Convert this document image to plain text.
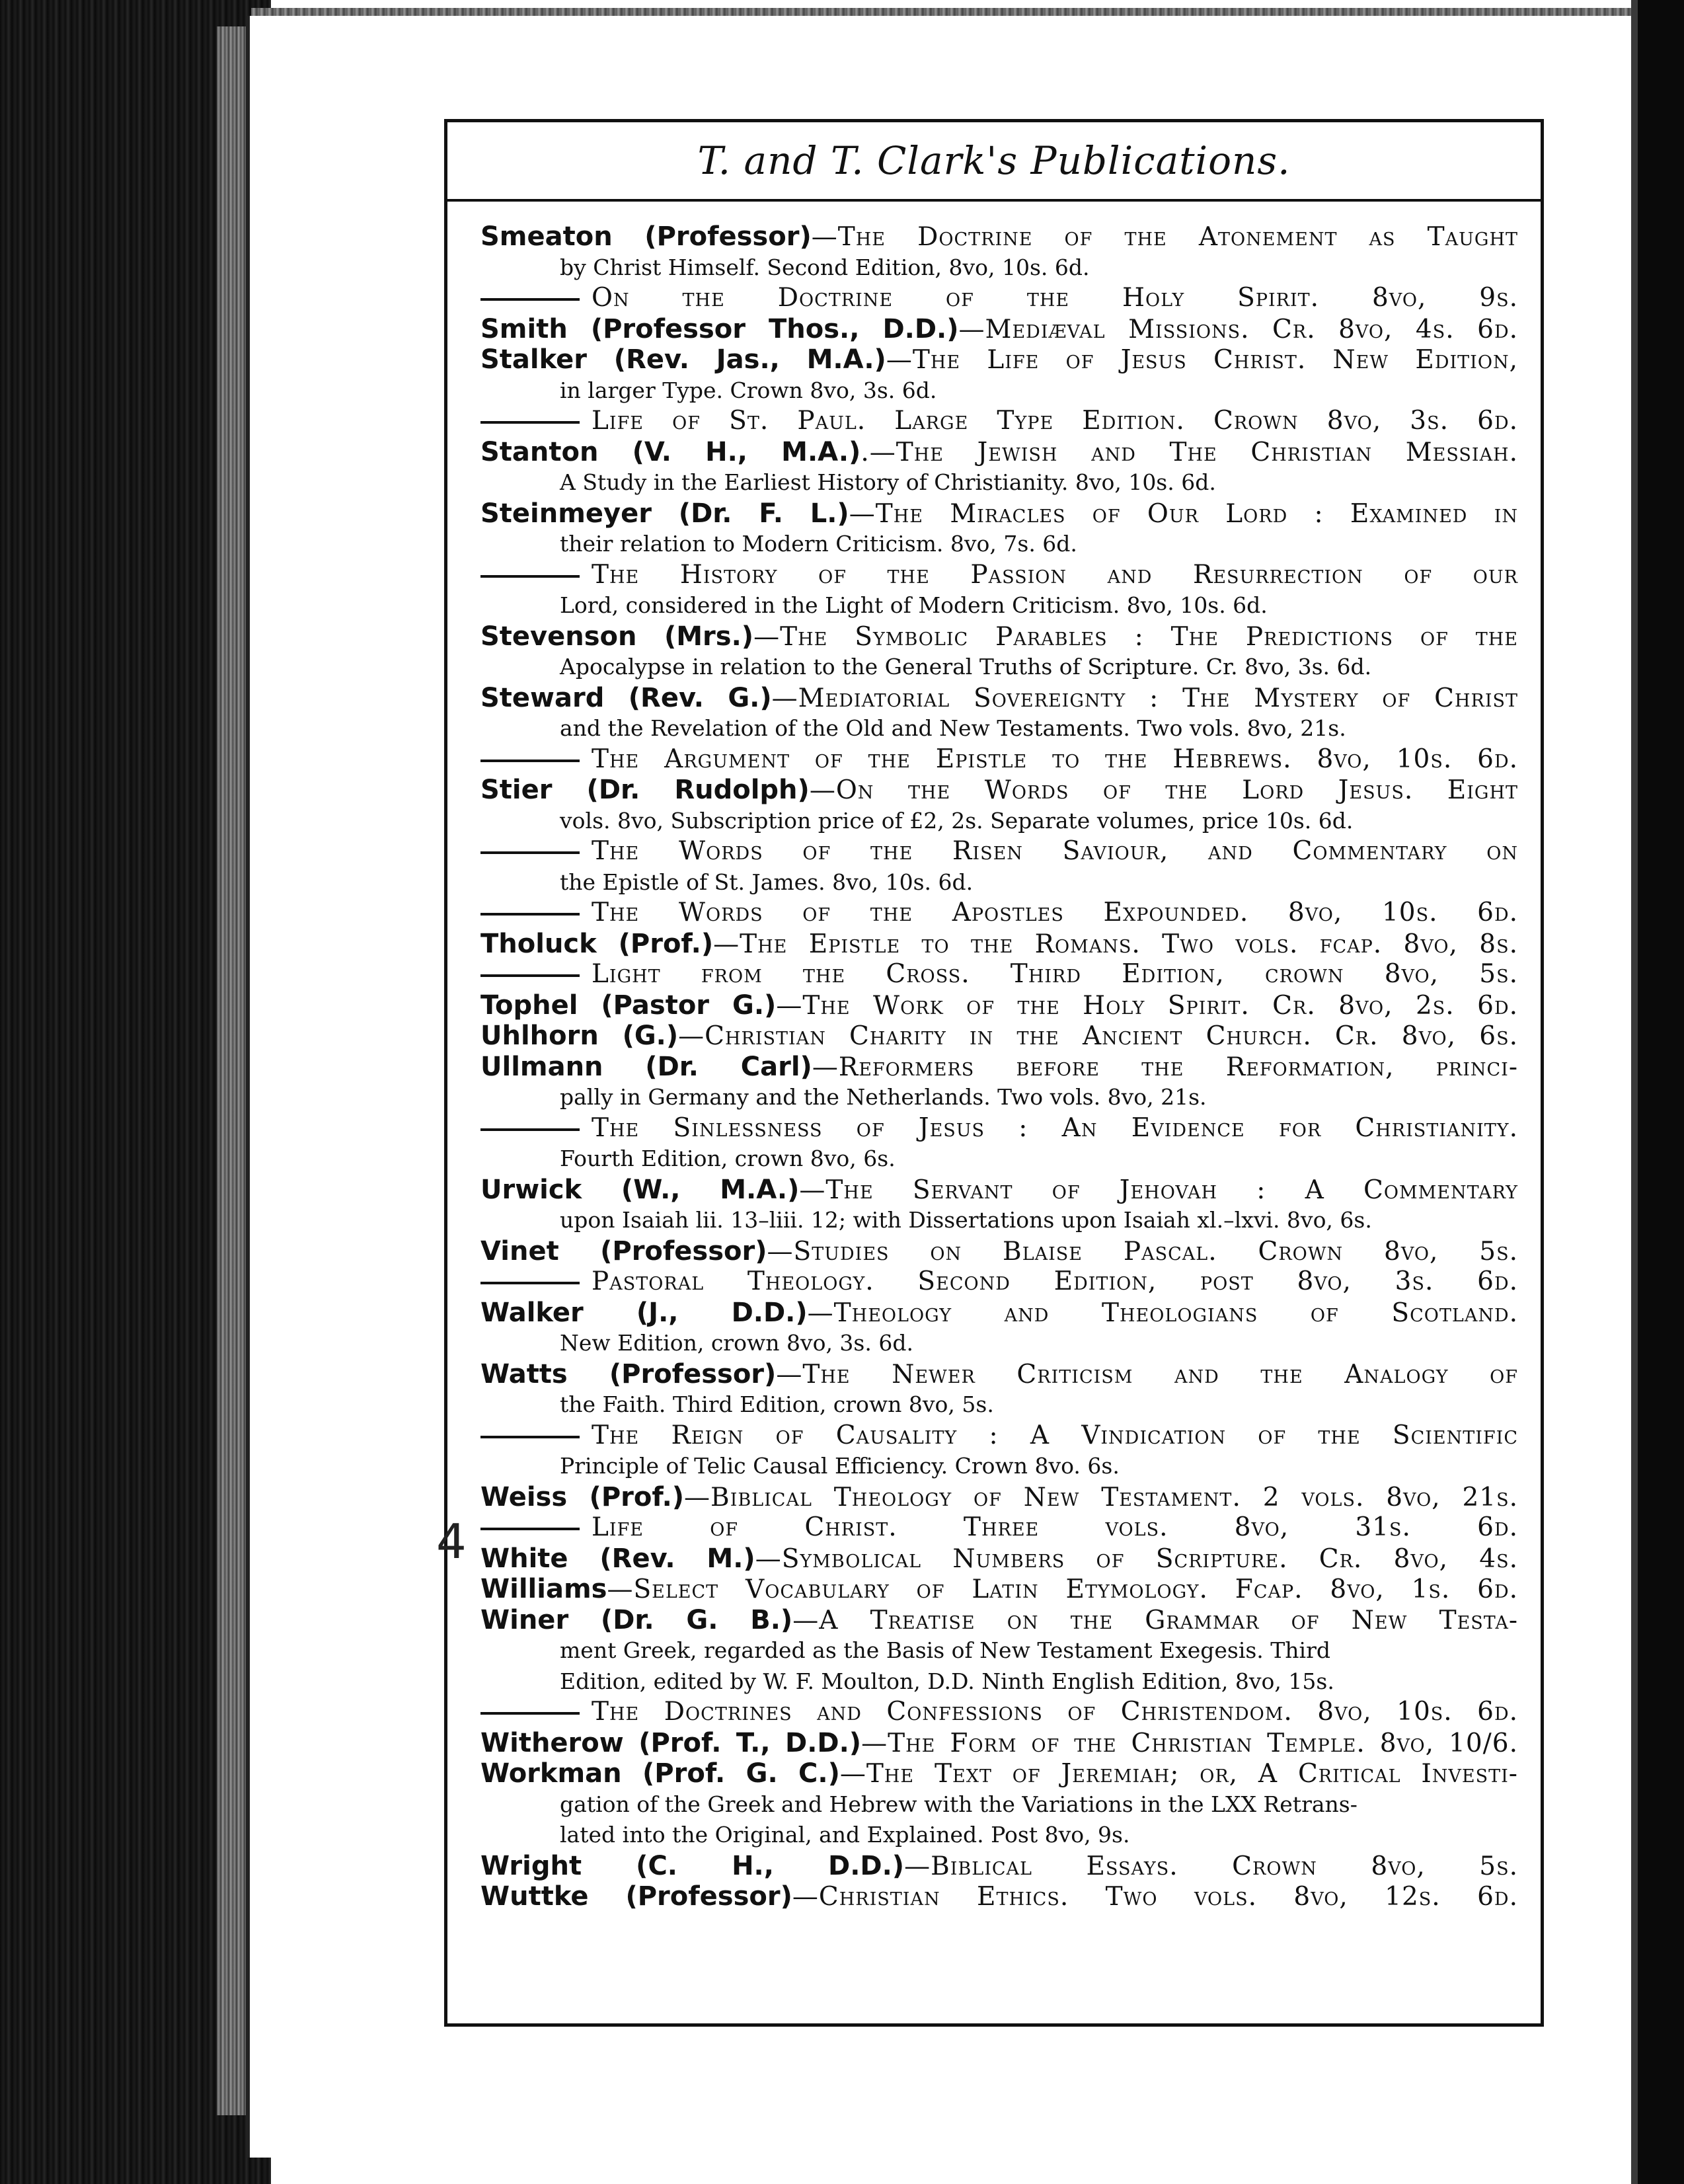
T. and T. Clark's Publications.
Smeaton (Professor)—The Doctrine of the Atonement as Taught
by Christ Himself. Second Edition, 8vo, 10s. 6d.
On the Doctrine of the Holy Spirit. 8vo, 9s.
Smith (Professor Thos., D.D.)—Mediæval Missions. Cr. 8vo, 4s. 6d.
Stalker (Rev. Jas., M.A.)—The Life of Jesus Christ. New Edition,
in larger Type. Crown 8vo, 3s. 6d.
Life of St. Paul. Large Type Edition. Crown 8vo, 3s. 6d.
Stanton (V. H., M.A.).—The Jewish and The Christian Messiah.
A Study in the Earliest History of Christianity. 8vo, 10s. 6d.
Steinmeyer (Dr. F. L.)—The Miracles of Our Lord : Examined in
their relation to Modern Criticism. 8vo, 7s. 6d.
The History of the Passion and Resurrection of our
Lord, considered in the Light of Modern Criticism. 8vo, 10s. 6d.
Stevenson (Mrs.)—The Symbolic Parables : The Predictions of the
Apocalypse in relation to the General Truths of Scripture. Cr. 8vo, 3s. 6d.
Steward (Rev. G.)—Mediatorial Sovereignty : The Mystery of Christ
and the Revelation of the Old and New Testaments. Two vols. 8vo, 21s.
The Argument of the Epistle to the Hebrews. 8vo, 10s. 6d.
Stier (Dr. Rudolph)—On the Words of the Lord Jesus. Eight
vols. 8vo, Subscription price of £2, 2s. Separate volumes, price 10s. 6d.
The Words of the Risen Saviour, and Commentary on
the Epistle of St. James. 8vo, 10s. 6d.
The Words of the Apostles Expounded. 8vo, 10s. 6d.
Tholuck (Prof.)—The Epistle to the Romans. Two vols. fcap. 8vo, 8s.
Light from the Cross. Third Edition, crown 8vo, 5s.
Tophel (Pastor G.)—The Work of the Holy Spirit. Cr. 8vo, 2s. 6d.
Uhlhorn (G.)—Christian Charity in the Ancient Church. Cr. 8vo, 6s.
Ullmann (Dr. Carl)—Reformers before the Reformation, princi-
pally in Germany and the Netherlands. Two vols. 8vo, 21s.
The Sinlessness of Jesus : An Evidence for Christianity.
Fourth Edition, crown 8vo, 6s.
Urwick (W., M.A.)—The Servant of Jehovah : A Commentary
upon Isaiah lii. 13–liii. 12; with Dissertations upon Isaiah xl.–lxvi. 8vo, 6s.
Vinet (Professor)—Studies on Blaise Pascal. Crown 8vo, 5s.
Pastoral Theology. Second Edition, post 8vo, 3s. 6d.
Walker (J., D.D.)—Theology and Theologians of Scotland.
New Edition, crown 8vo, 3s. 6d.
Watts (Professor)—The Newer Criticism and the Analogy of
the Faith. Third Edition, crown 8vo, 5s.
The Reign of Causality : A Vindication of the Scientific
Principle of Telic Causal Efficiency. Crown 8vo. 6s.
Weiss (Prof.)—Biblical Theology of New Testament. 2 vols. 8vo, 21s.
Life of Christ. Three vols. 8vo, 31s. 6d.
White (Rev. M.)—Symbolical Numbers of Scripture. Cr. 8vo, 4s.
Williams—Select Vocabulary of Latin Etymology. Fcap. 8vo, 1s. 6d.
Winer (Dr. G. B.)—A Treatise on the Grammar of New Testa-
ment Greek, regarded as the Basis of New Testament Exegesis. Third
Edition, edited by W. F. Moulton, D.D. Ninth English Edition, 8vo, 15s.
The Doctrines and Confessions of Christendom. 8vo, 10s. 6d.
Witherow (Prof. T., D.D.)—The Form of the Christian Temple. 8vo, 10/6.
Workman (Prof. G. C.)—The Text of Jeremiah; or, A Critical Investi-
gation of the Greek and Hebrew with the Variations in the LXX Retrans-
lated into the Original, and Explained. Post 8vo, 9s.
Wright (C. H., D.D.)—Biblical Essays. Crown 8vo, 5s.
Wuttke (Professor)—Christian Ethics. Two vols. 8vo, 12s. 6d.
4
